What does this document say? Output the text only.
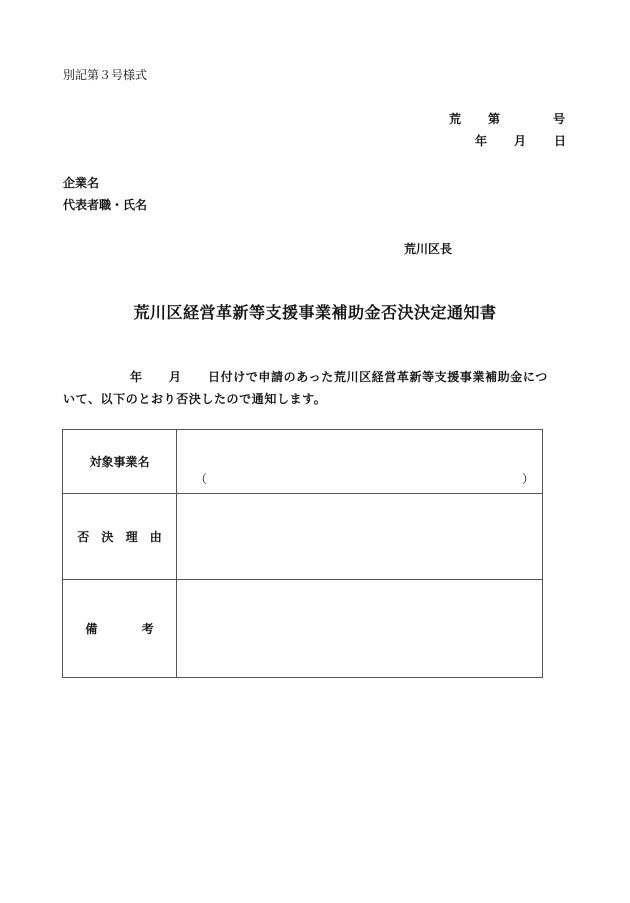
別記第３号様式
荒 第	号
年 月 日
企業名
代表者職・氏名
荒川区長
荒川区経営革新等支援事業補助金否決決定通知書
年 月 日付けで申請のあった荒川区経営革新等支援事業補助金につ
いて、以下のとおり否決したので通知します。
対象事業名	（ ）

否 決 理 由	
備 考	
